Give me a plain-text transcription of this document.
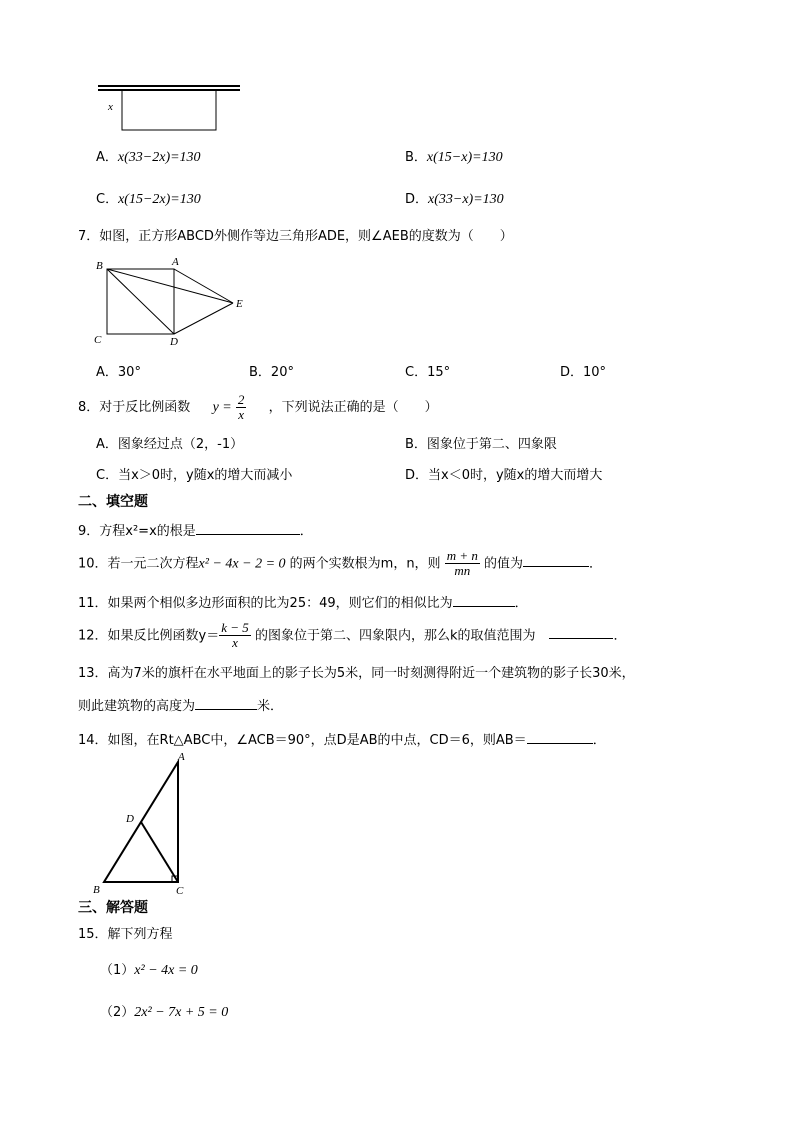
x
A．x(33−2x)=130	B．x(15−x)=130
C．x(15−2x)=130	D．x(33−x)=130
7．如图，正方形ABCD外侧作等边三角形ADE，则∠AEB的度数为（　　）
B	A
E
C	D
A．30°	B．20°	C．15°	D．10°
8．对于反比例函数 $y = \frac{2}{x}$ ，下列说法正确的是（　　）
A．图象经过点（2，-1）	B．图象位于第二、四象限
C．当x＞0时，y随x的增大而减小	D．当x＜0时，y随x的增大而增大
二、填空题
9．方程x²=x的根是	．
10．若一元二次方程x² − 4x − 2 = 0 的两个实数根为m，n，则 $\frac{m + n}{mn}$ 的值为	．
11．如果两个相似多边形面积的比为25：49，则它们的相似比为	．
12．如果反比例函数$y= \frac{k - 5}{x}$ 的图象位于第二、四象限内，那么k的取值范围为	．
13．高为7米的旗杆在水平地面上的影子长为5米，同一时刻测得附近一个建筑物的影子长30米，
则此建筑物的高度为	米．
14．如图，在Rt△ABC中，∠ACB＝90°，点D是AB的中点，CD＝6，则AB＝	．
A
D
B	C
三、解答题
15．解下列方程
（1）x² − 4x = 0
（2）2x² − 7x + 5 = 0
